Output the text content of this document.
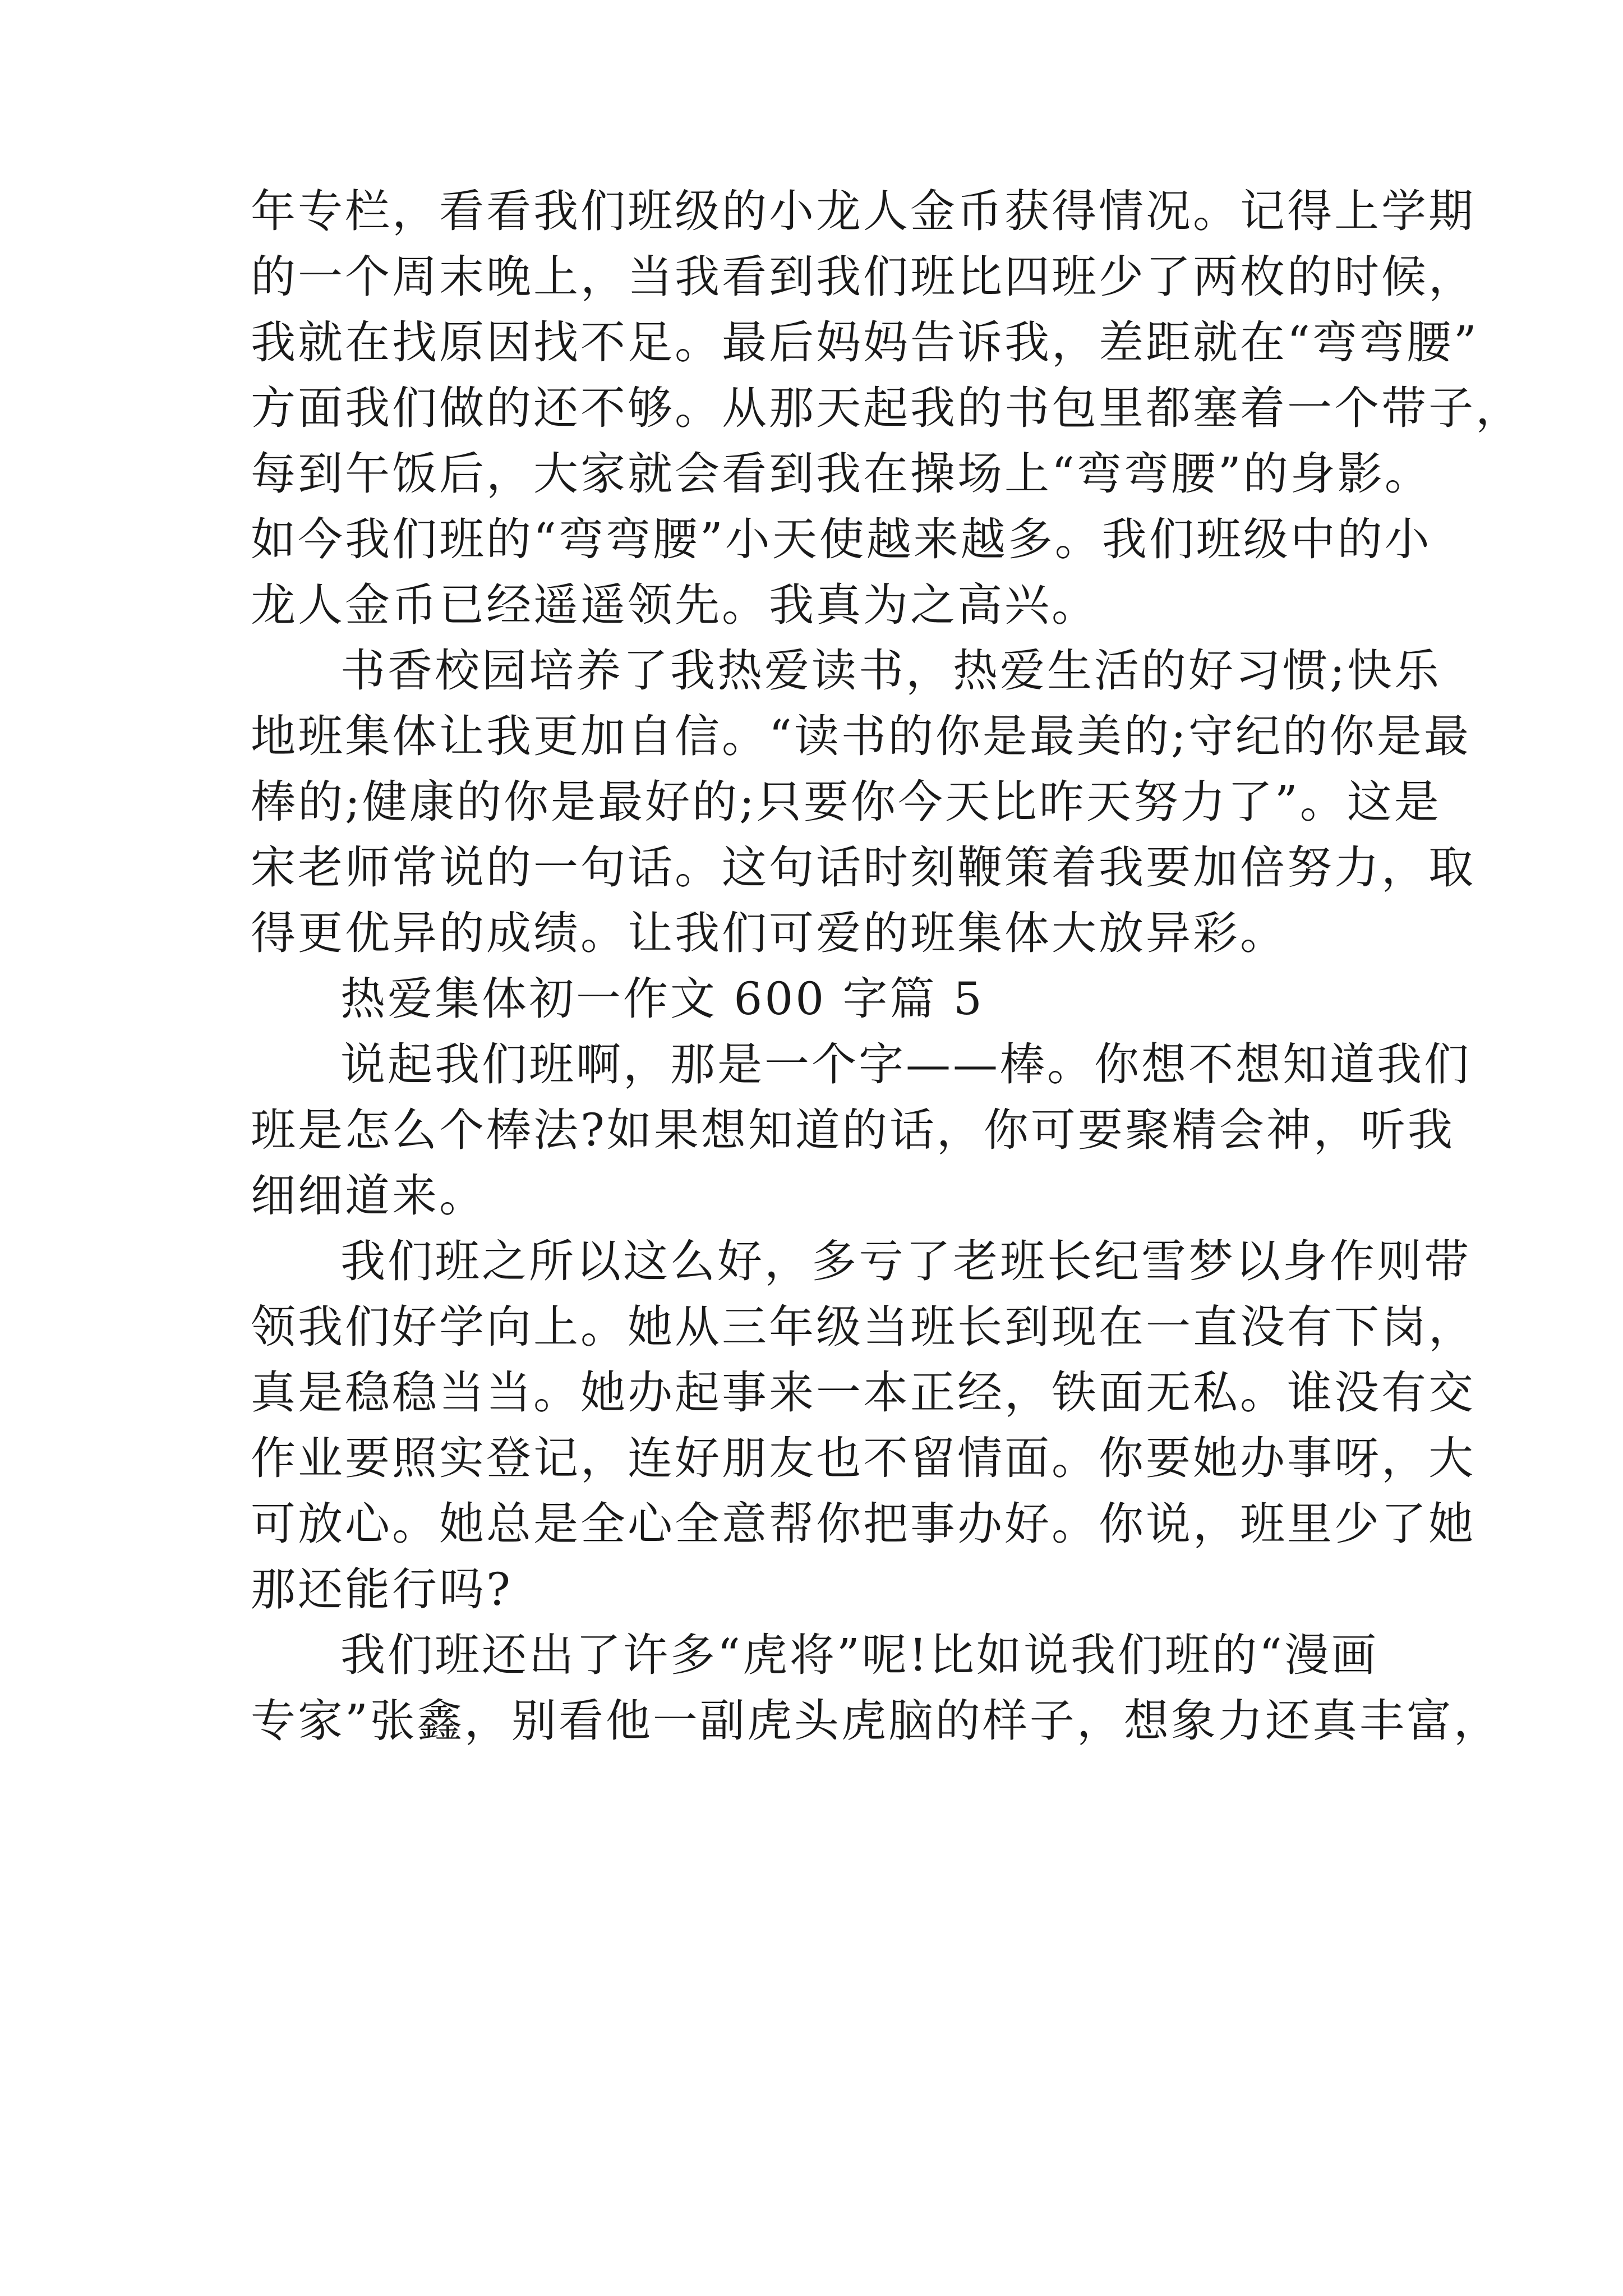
年专栏，看看我们班级的小龙人金币获得情况。记得上学期
的一个周末晚上，当我看到我们班比四班少了两枚的时候，
我就在找原因找不足。最后妈妈告诉我，差距就在“弯弯腰”
方面我们做的还不够。从那天起我的书包里都塞着一个带子，
每到午饭后，大家就会看到我在操场上“弯弯腰”的身影。
如今我们班的“弯弯腰”小天使越来越多。我们班级中的小
龙人金币已经遥遥领先。我真为之高兴。
书香校园培养了我热爱读书，热爱生活的好习惯;快乐
地班集体让我更加自信。“读书的你是最美的;守纪的你是最
棒的;健康的你是最好的;只要你今天比昨天努力了”。这是
宋老师常说的一句话。这句话时刻鞭策着我要加倍努力，取
得更优异的成绩。让我们可爱的班集体大放异彩。
热爱集体初一作文 600 字篇 5
说起我们班啊，那是一个字——棒。你想不想知道我们
班是怎么个棒法?如果想知道的话，你可要聚精会神，听我
细细道来。
我们班之所以这么好，多亏了老班长纪雪梦以身作则带
领我们好学向上。她从三年级当班长到现在一直没有下岗，
真是稳稳当当。她办起事来一本正经，铁面无私。谁没有交
作业要照实登记，连好朋友也不留情面。你要她办事呀，大
可放心。她总是全心全意帮你把事办好。你说，班里少了她
那还能行吗?
我们班还出了许多“虎将”呢!比如说我们班的“漫画
专家”张鑫，别看他一副虎头虎脑的样子，想象力还真丰富，
